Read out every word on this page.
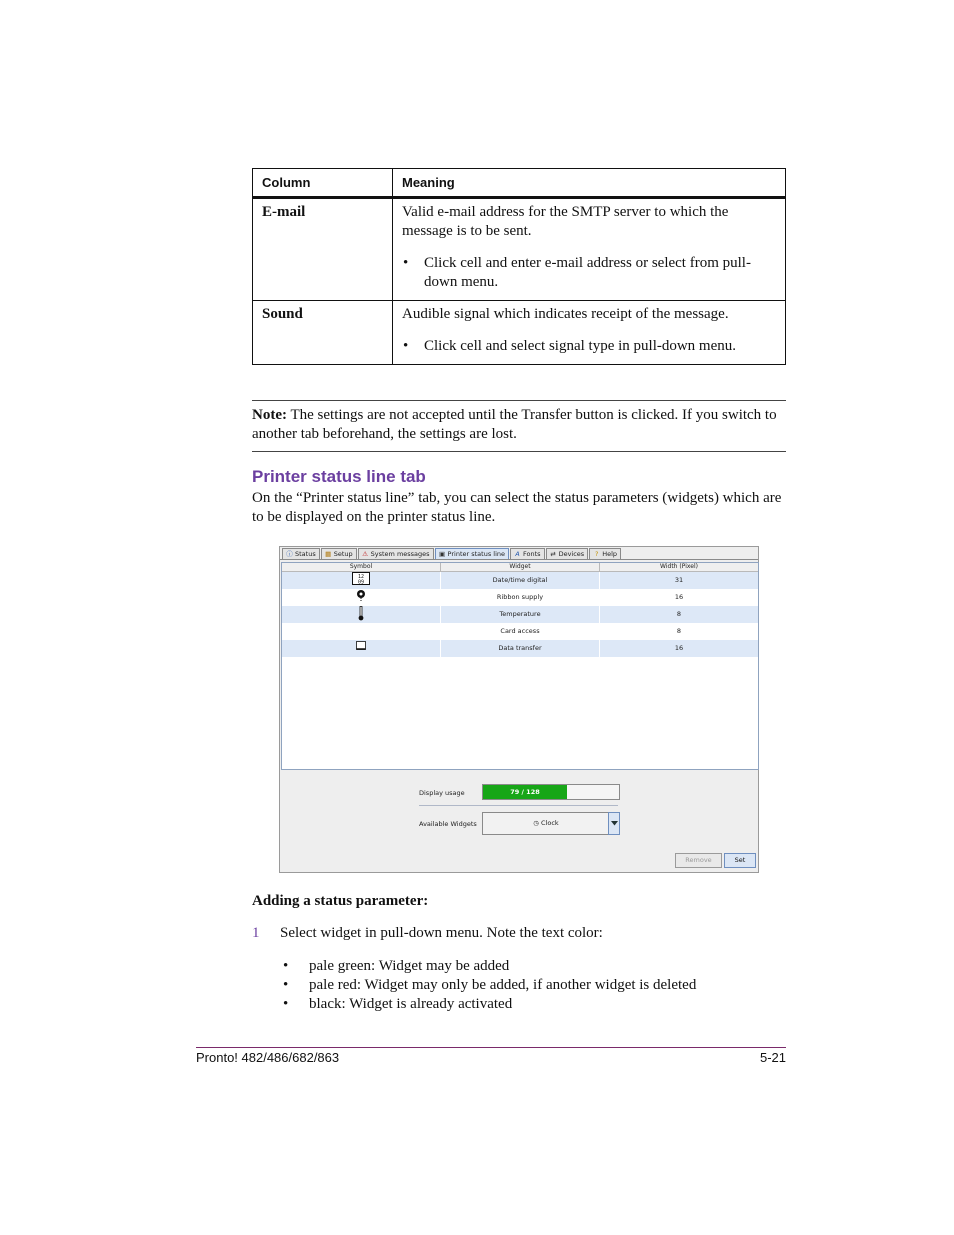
Column	Meaning
E-mail	Valid e-mail address for the SMTP server to which the message is to be sent.

• Click cell and enter e-mail address or select from pull-down menu.

Sound	Audible signal which indicates receipt of the message.

• Click cell and select signal type in pull-down menu.
Note: The settings are not accepted until the Transfer button is clicked. If you switch to another tab beforehand, the settings are lost.
Printer status line tab
On the “Printer status line” tab, you can select the status parameters (widgets) which are to be displayed on the printer status line.
ⓘ Status ▦ Setup ⚠ System messages ▣ Printer status line A Fonts ⇄ Devices ? Help
Symbol	Widget	Width (Pixel)
12
09	Date/time digital	31
Ribbon supply	16
Temperature	8
Card access	8
Data transfer	16
Display usage	79 / 128
Available Widgets	◷ Clock
Remove	Set
Adding a status parameter:
1 Select widget in pull-down menu. Note the text color:
• pale green: Widget may be added
• pale red: Widget may only be added, if another widget is deleted
• black: Widget is already activated
Pronto! 482/486/682/863	5-21
